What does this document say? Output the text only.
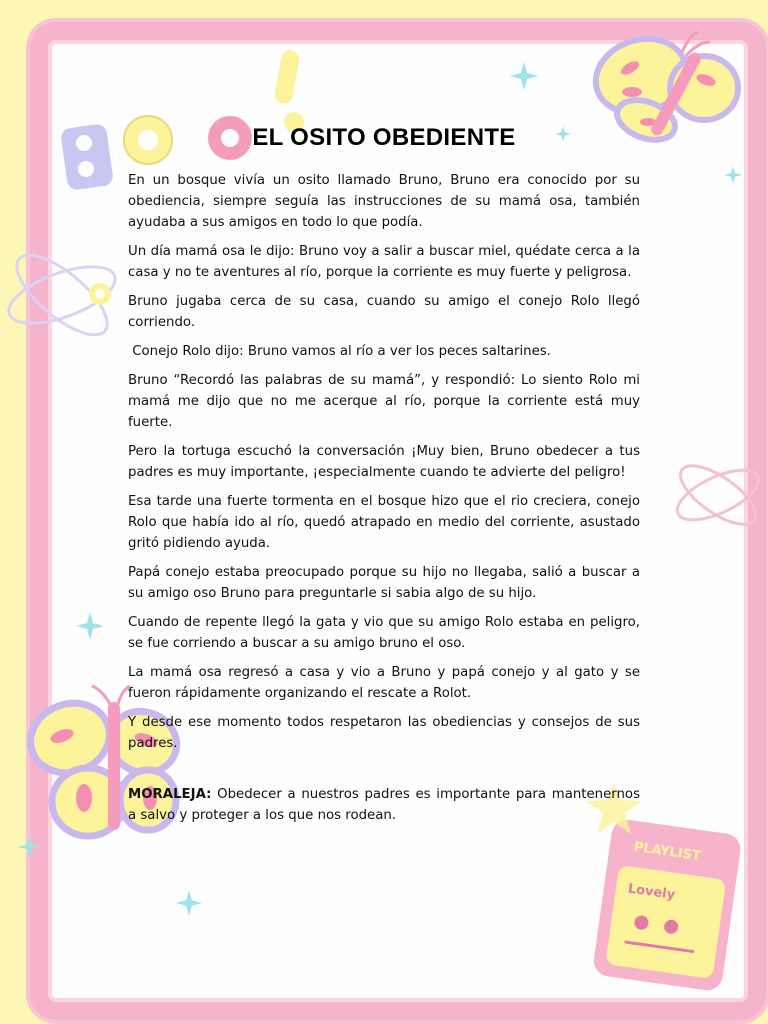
PLAYLIST
Lovely
EL OSITO OBEDIENTE

En un bosque vivía un osito llamado Bruno, Bruno era conocido por su obediencia, siempre seguía las instrucciones de su mamá osa, también ayudaba a sus amigos en todo lo que podía.

Un día mamá osa le dijo: Bruno voy a salir a buscar miel, quédate cerca a la casa y no te aventures al río, porque la corriente es muy fuerte y peligrosa.

Bruno jugaba cerca de su casa, cuando su amigo el conejo Rolo llegó corriendo.

Conejo Rolo dijo: Bruno vamos al río a ver los peces saltarines.

Bruno “Recordó las palabras de su mamá”, y respondió: Lo siento Rolo mi mamá me dijo que no me acerque al río, porque la corriente está muy fuerte.

Pero la tortuga escuchó la conversación ¡Muy bien, Bruno obedecer a tus padres es muy importante, ¡especialmente cuando te advierte del peligro!

Esa tarde una fuerte tormenta en el bosque hizo que el rio creciera, conejo Rolo que había ido al río, quedó atrapado en medio del corriente, asustado gritó pidiendo ayuda.

Papá conejo estaba preocupado porque su hijo no llegaba, salió a buscar a su amigo oso Bruno para preguntarle si sabia algo de su hijo.

Cuando de repente llegó la gata y vio que su amigo Rolo estaba en peligro, se fue corriendo a buscar a su amigo bruno el oso.

La mamá osa regresó a casa y vio a Bruno y papá conejo y al gato y se fueron rápidamente organizando el rescate a Rolot.

Y desde ese momento todos respetaron las obediencias y consejos de sus padres.

MORALEJA: Obedecer a nuestros padres es importante para mantenernos a salvo y proteger a los que nos rodean.
